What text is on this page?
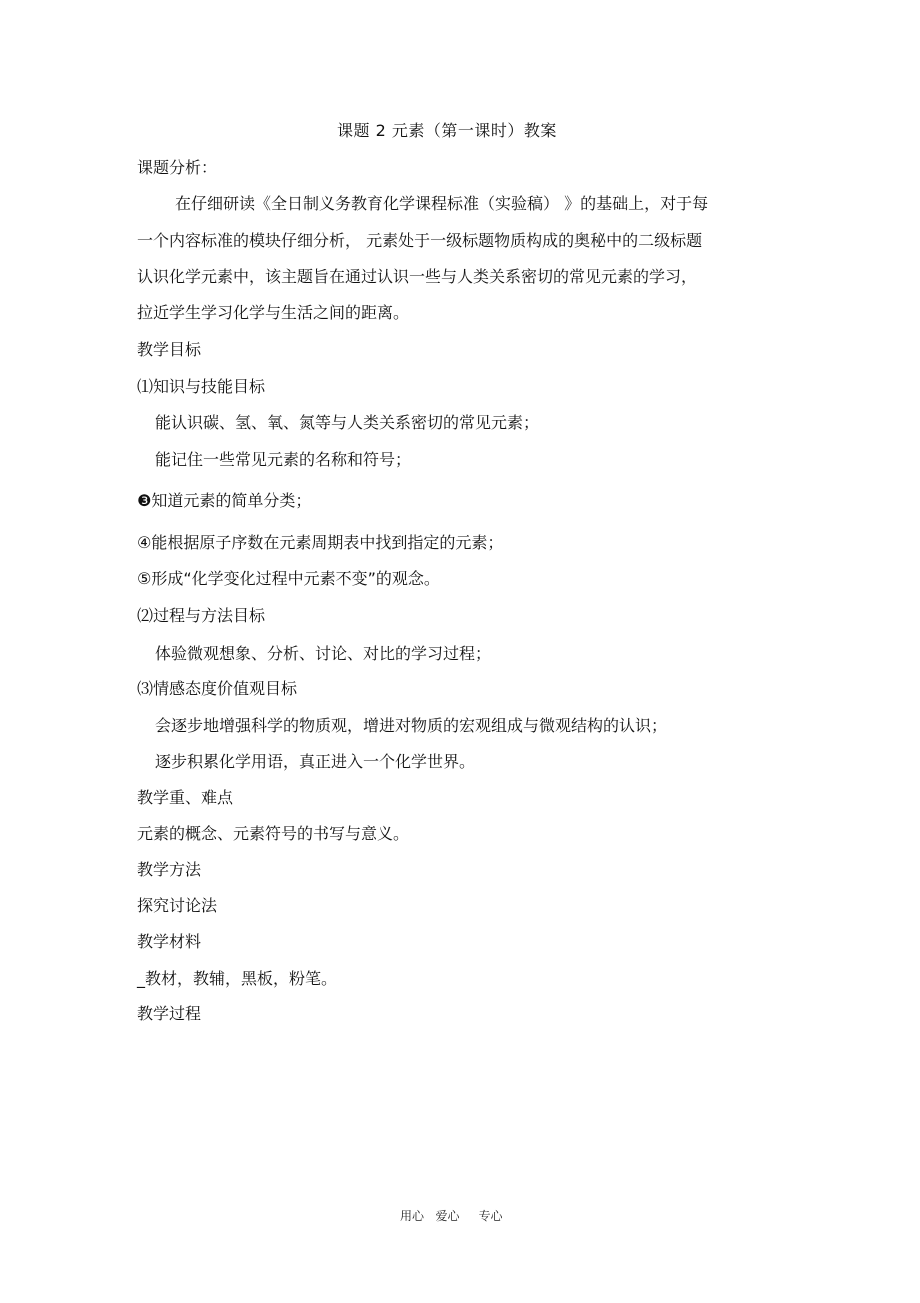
课题 2 元素（第一课时）教案
课题分析：
在仔细研读《全日制义务教育化学课程标准（实验稿） 》的基础上，对于每
一个内容标准的模块仔细分析， 元素处于一级标题物质构成的奥秘中的二级标题
认识化学元素中，该主题旨在通过认识一些与人类关系密切的常见元素的学习，
拉近学生学习化学与生活之间的距离。
教学目标
⑴知识与技能目标
能认识碳、氢、氧、氮等与人类关系密切的常见元素；
能记住一些常见元素的名称和符号；
❸知道元素的简单分类；
④能根据原子序数在元素周期表中找到指定的元素；
⑤形成“化学变化过程中元素不变”的观念。
⑵过程与方法目标
体验微观想象、分析、讨论、对比的学习过程；
⑶情感态度价值观目标
会逐步地增强科学的物质观，增进对物质的宏观组成与微观结构的认识；
逐步积累化学用语，真正进入一个化学世界。
教学重、难点
元素的概念、元素符号的书写与意义。
教学方法
探究讨论法
教学材料
_教材，教辅，黑板，粉笔。
教学过程
用心   爱心     专心
